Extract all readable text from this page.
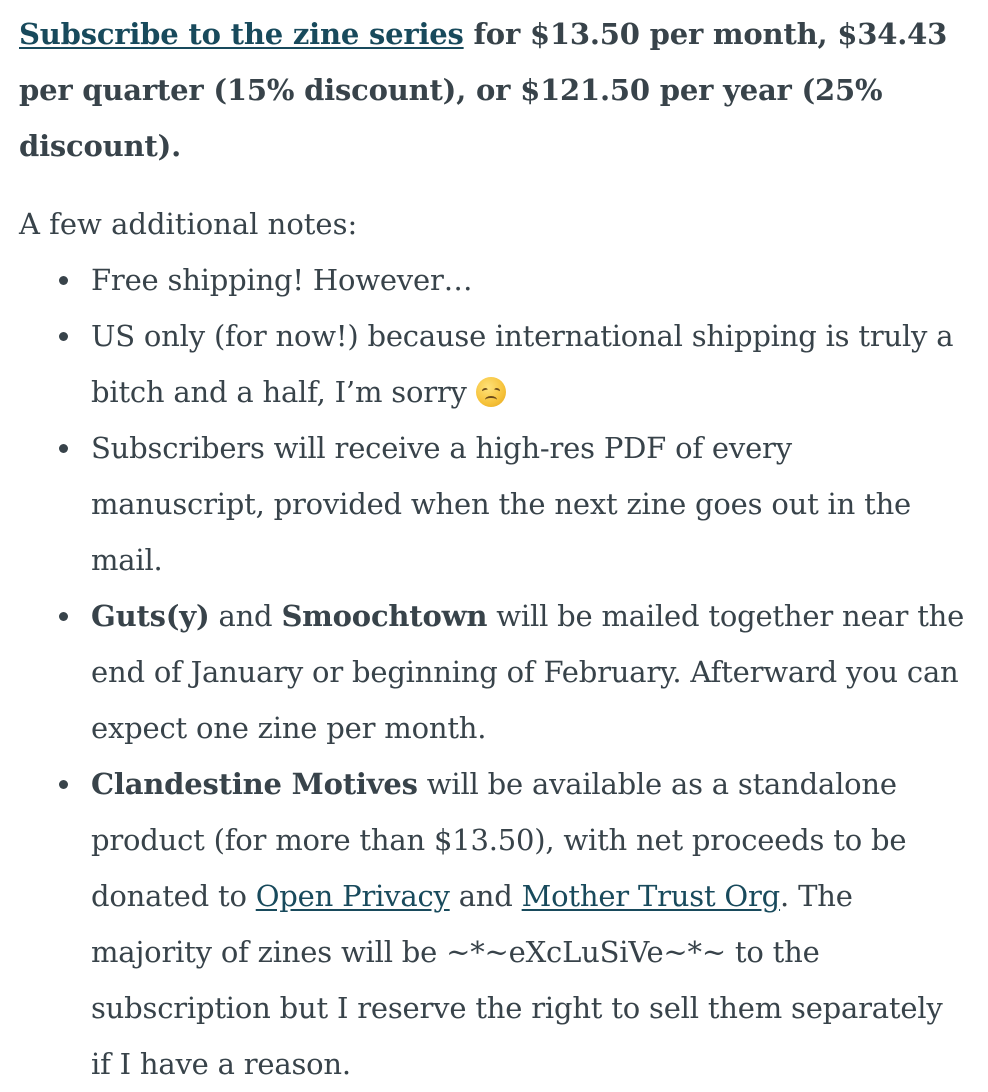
Subscribe to the zine series for $13.50 per month, $34.43 per quarter (15% discount), or $121.50 per year (25% discount).

A few additional notes:

Free shipping! However…
US only (for now!) because international shipping is truly a bitch and a half, I’m sorry
Subscribers will receive a high-res PDF of every manuscript, provided when the next zine goes out in the mail.
Guts(y) and Smoochtown will be mailed together near the end of January or beginning of February. Afterward you can expect one zine per month.
Clandestine Motives will be available as a standalone product (for more than $13.50), with net proceeds to be donated to Open Privacy and Mother Trust Org. The majority of zines will be ~*~eXcLuSiVe~*~ to the subscription but I reserve the right to sell them separately if I have a reason.
